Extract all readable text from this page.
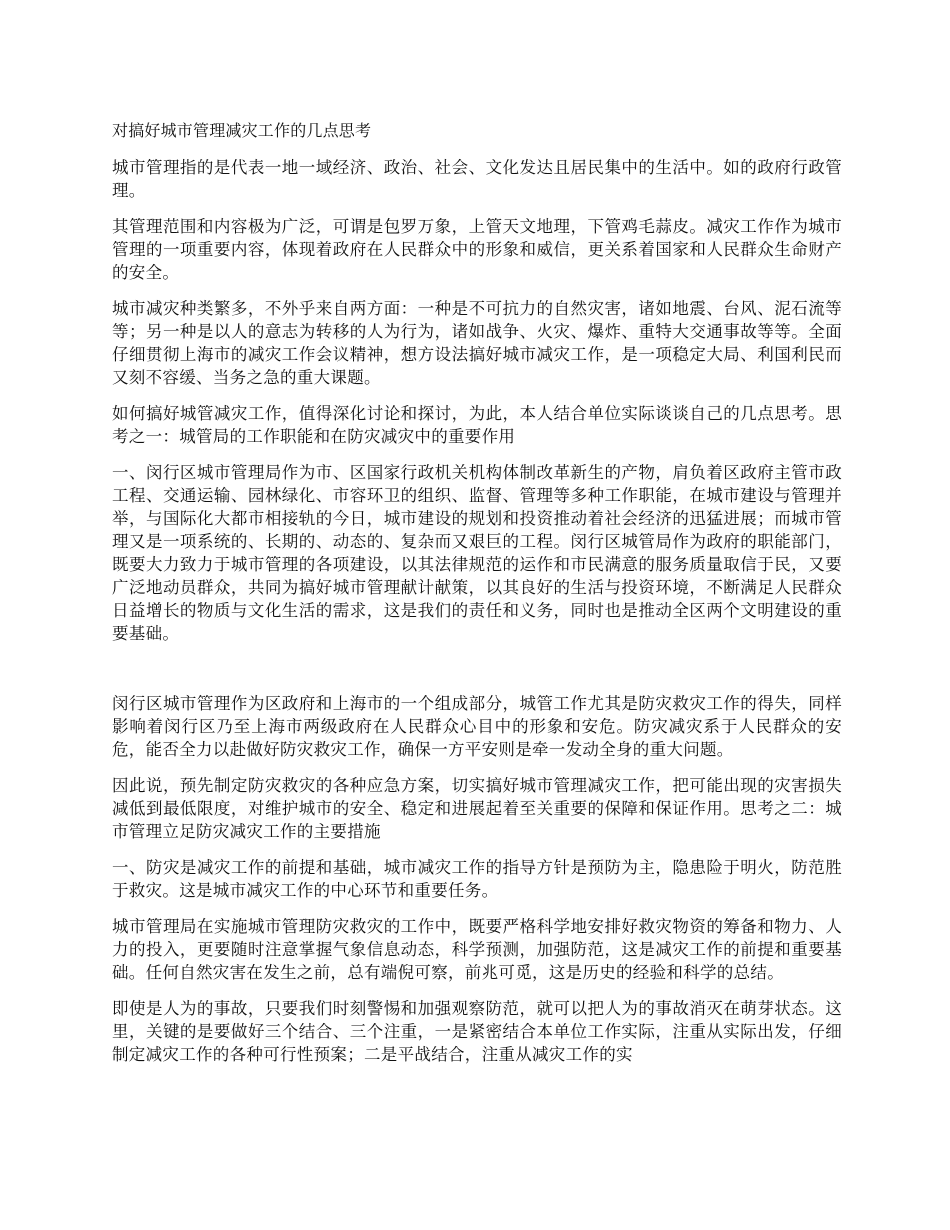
对搞好城市管理减灾工作的几点思考

城市管理指的是代表一地一域经济、政治、社会、文化发达且居民集中的生活中。如的政府行政管理。

其管理范围和内容极为广泛，可谓是包罗万象，上管天文地理，下管鸡毛蒜皮。减灾工作作为城市管理的一项重要内容，体现着政府在人民群众中的形象和威信，更关系着国家和人民群众生命财产的安全。

城市减灾种类繁多，不外乎来自两方面：一种是不可抗力的自然灾害，诸如地震、台风、泥石流等等；另一种是以人的意志为转移的人为行为，诸如战争、火灾、爆炸、重特大交通事故等等。全面仔细贯彻上海市的减灾工作会议精神，想方设法搞好城市减灾工作，是一项稳定大局、利国利民而又刻不容缓、当务之急的重大课题。

如何搞好城管减灾工作，值得深化讨论和探讨，为此，本人结合单位实际谈谈自己的几点思考。思考之一：城管局的工作职能和在防灾减灾中的重要作用

一、闵行区城市管理局作为市、区国家行政机关机构体制改革新生的产物，肩负着区政府主管市政工程、交通运输、园林绿化、市容环卫的组织、监督、管理等多种工作职能，在城市建设与管理并举，与国际化大都市相接轨的今日，城市建设的规划和投资推动着社会经济的迅猛进展；而城市管理又是一项系统的、长期的、动态的、复杂而又艰巨的工程。闵行区城管局作为政府的职能部门，既要大力致力于城市管理的各项建设，以其法律规范的运作和市民满意的服务质量取信于民，又要广泛地动员群众，共同为搞好城市管理献计献策，以其良好的生活与投资环境，不断满足人民群众日益增长的物质与文化生活的需求，这是我们的责任和义务，同时也是推动全区两个文明建设的重要基础。

闵行区城市管理作为区政府和上海市的一个组成部分，城管工作尤其是防灾救灾工作的得失，同样影响着闵行区乃至上海市两级政府在人民群众心目中的形象和安危。防灾减灾系于人民群众的安危，能否全力以赴做好防灾救灾工作，确保一方平安则是牵一发动全身的重大问题。

因此说，预先制定防灾救灾的各种应急方案，切实搞好城市管理减灾工作，把可能出现的灾害损失减低到最低限度，对维护城市的安全、稳定和进展起着至关重要的保障和保证作用。思考之二：城市管理立足防灾减灾工作的主要措施

一、防灾是减灾工作的前提和基础，城市减灾工作的指导方针是预防为主，隐患险于明火，防范胜于救灾。这是城市减灾工作的中心环节和重要任务。

城市管理局在实施城市管理防灾救灾的工作中，既要严格科学地安排好救灾物资的筹备和物力、人力的投入，更要随时注意掌握气象信息动态，科学预测，加强防范，这是减灾工作的前提和重要基础。任何自然灾害在发生之前，总有端倪可察，前兆可觅，这是历史的经验和科学的总结。

即使是人为的事故，只要我们时刻警惕和加强观察防范，就可以把人为的事故消灭在萌芽状态。这里，关键的是要做好三个结合、三个注重，一是紧密结合本单位工作实际，注重从实际出发，仔细制定减灾工作的各种可行性预案；二是平战结合，注重从减灾工作的实
